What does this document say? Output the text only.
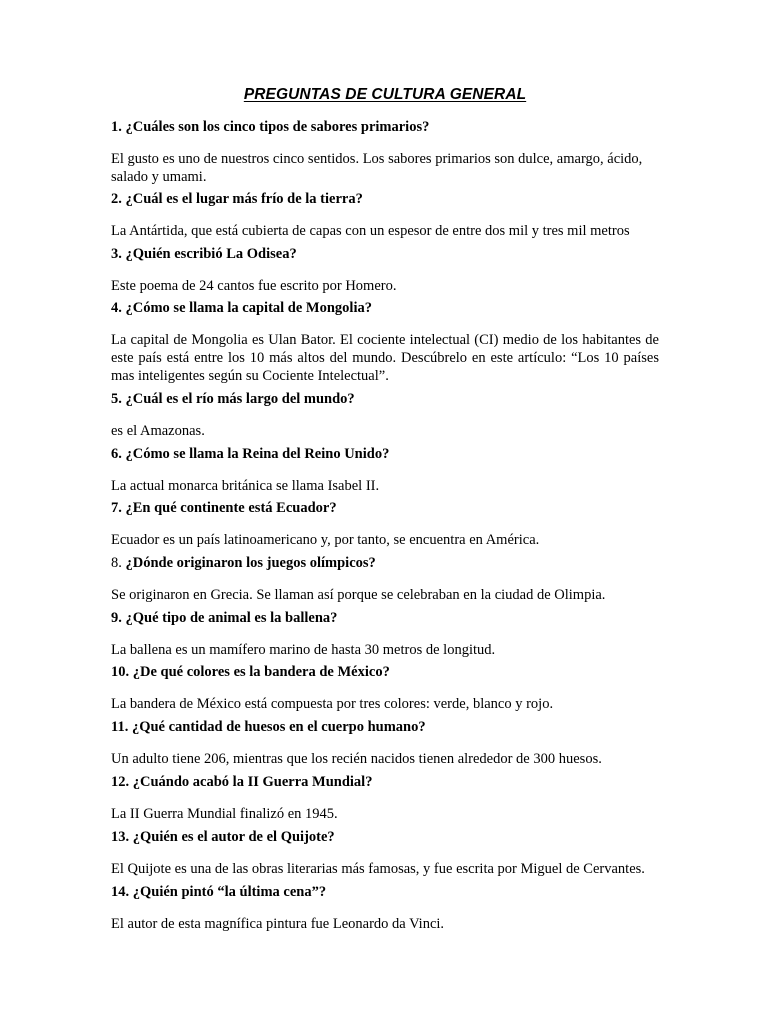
PREGUNTAS DE CULTURA GENERAL

1. ¿Cuáles son los cinco tipos de sabores primarios?

El gusto es uno de nuestros cinco sentidos. Los sabores primarios son dulce, amargo, ácido, salado y umami.

2. ¿Cuál es el lugar más frío de la tierra?

La Antártida, que está cubierta de capas con un espesor de entre dos mil y tres mil metros

3. ¿Quién escribió La Odisea?

Este poema de 24 cantos fue escrito por Homero.

4. ¿Cómo se llama la capital de Mongolia?

La capital de Mongolia es Ulan Bator. El cociente intelectual (CI) medio de los habitantes de este país está entre los 10 más altos del mundo. Descúbrelo en este artículo: “Los 10 países mas inteligentes según su Cociente Intelectual”.

5. ¿Cuál es el río más largo del mundo?

es el Amazonas.

6. ¿Cómo se llama la Reina del Reino Unido?

La actual monarca británica se llama Isabel II.

7. ¿En qué continente está Ecuador?

Ecuador es un país latinoamericano y, por tanto, se encuentra en América.

8. ¿Dónde originaron los juegos olímpicos?

Se originaron en Grecia. Se llaman así porque se celebraban en la ciudad de Olimpia.

9. ¿Qué tipo de animal es la ballena?

La ballena es un mamífero marino de hasta 30 metros de longitud.

10. ¿De qué colores es la bandera de México?

La bandera de México está compuesta por tres colores: verde, blanco y rojo.

11. ¿Qué cantidad de huesos en el cuerpo humano?

Un adulto tiene 206, mientras que los recién nacidos tienen alrededor de 300 huesos.

12. ¿Cuándo acabó la II Guerra Mundial?

La II Guerra Mundial finalizó en 1945.

13. ¿Quién es el autor de el Quijote?

El Quijote es una de las obras literarias más famosas, y fue escrita por Miguel de Cervantes.

14. ¿Quién pintó “la última cena”?

El autor de esta magnífica pintura fue Leonardo da Vinci.
